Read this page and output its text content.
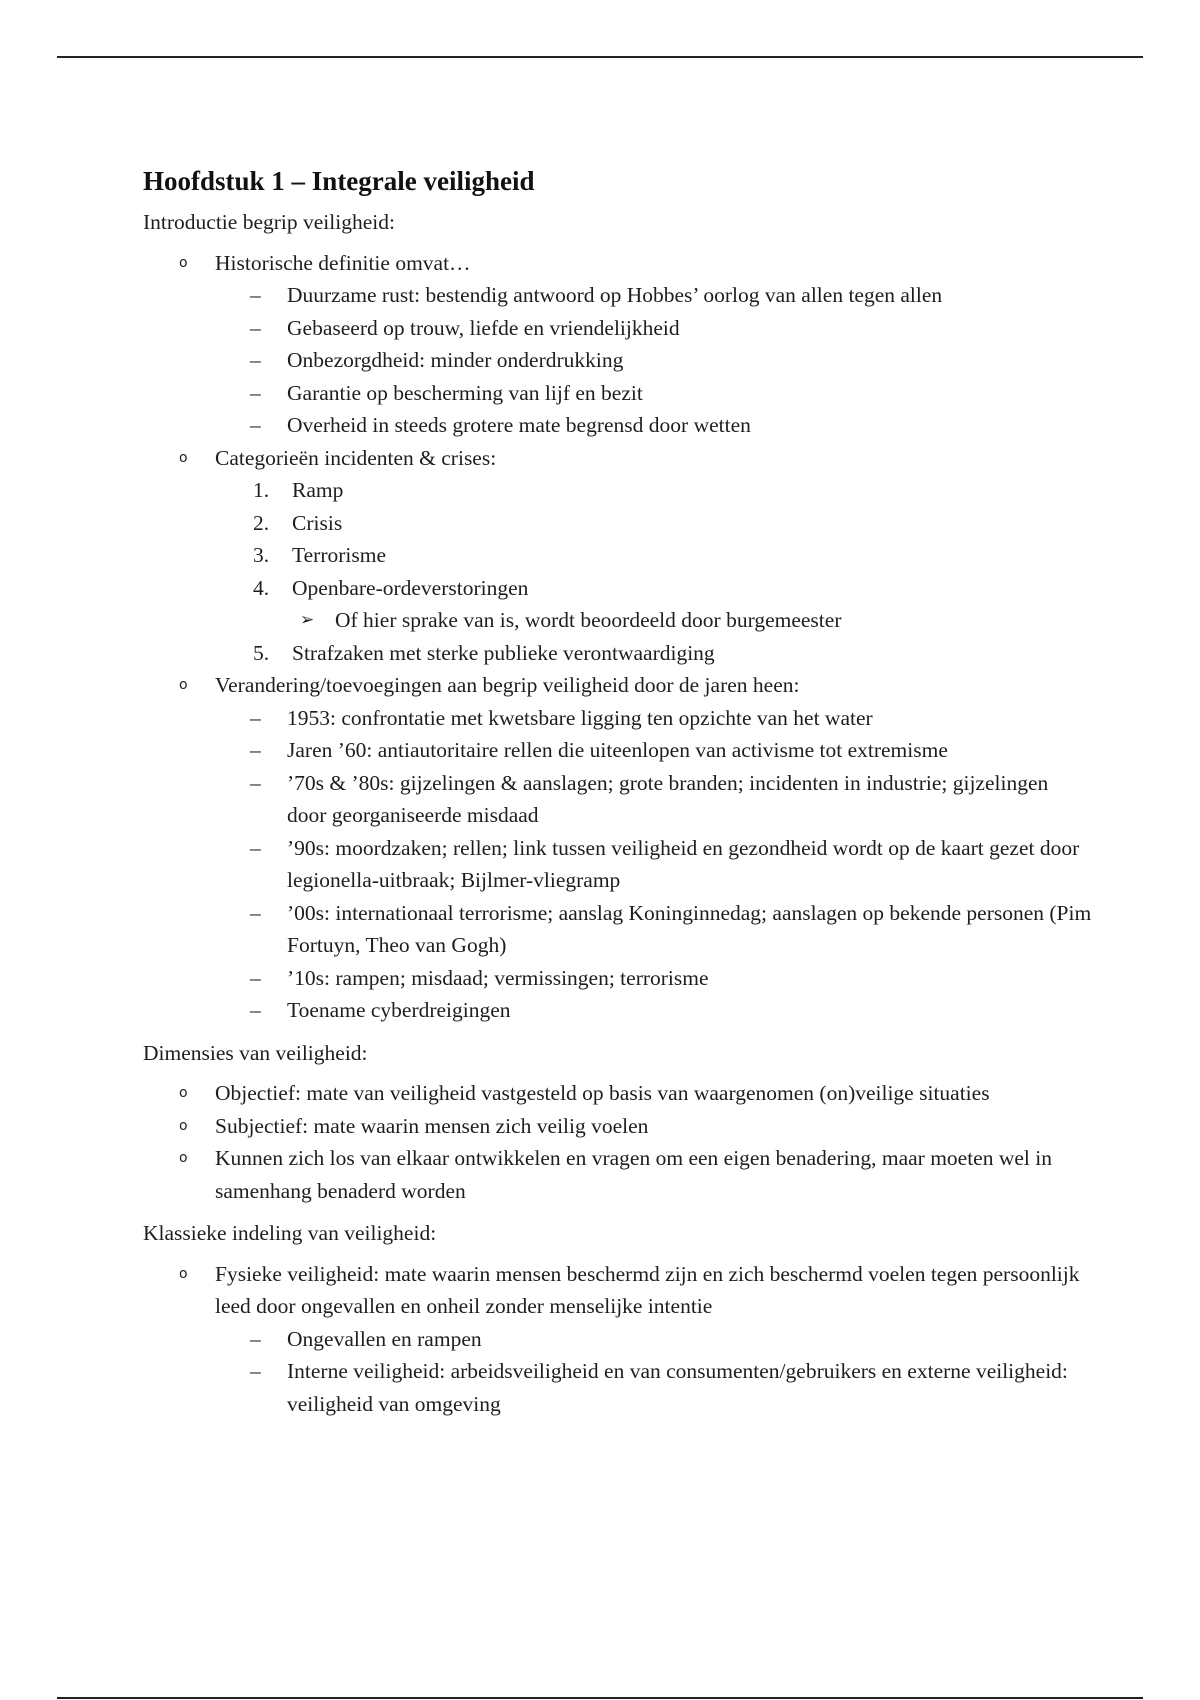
Hoofdstuk 1 – Integrale veiligheid

Introductie begrip veiligheid:

o Historische definitie omvat…
– Duurzame rust: bestendig antwoord op Hobbes’ oorlog van allen tegen allen
– Gebaseerd op trouw, liefde en vriendelijkheid
– Onbezorgdheid: minder onderdrukking
– Garantie op bescherming van lijf en bezit
– Overheid in steeds grotere mate begrensd door wetten
o Categorieën incidenten & crises:
1. Ramp
2. Crisis
3. Terrorisme
4. Openbare-ordeverstoringen
➢ Of hier sprake van is, wordt beoordeeld door burgemeester
5. Strafzaken met sterke publieke verontwaardiging
o Verandering/toevoegingen aan begrip veiligheid door de jaren heen:
– 1953: confrontatie met kwetsbare ligging ten opzichte van het water
– Jaren ’60: antiautoritaire rellen die uiteenlopen van activisme tot extremisme
– ’70s & ’80s: gijzelingen & aanslagen; grote branden; incidenten in industrie; gijzelingen door georganiseerde misdaad
– ’90s: moordzaken; rellen; link tussen veiligheid en gezondheid wordt op de kaart gezet door legionella-uitbraak; Bijlmer-vliegramp
– ’00s: internationaal terrorisme; aanslag Koninginnedag; aanslagen op bekende personen (Pim Fortuyn, Theo van Gogh)
– ’10s: rampen; misdaad; vermissingen; terrorisme
– Toename cyberdreigingen

Dimensies van veiligheid:

o Objectief: mate van veiligheid vastgesteld op basis van waargenomen (on)veilige situaties
o Subjectief: mate waarin mensen zich veilig voelen
o Kunnen zich los van elkaar ontwikkelen en vragen om een eigen benadering, maar moeten wel in samenhang benaderd worden

Klassieke indeling van veiligheid:

o Fysieke veiligheid: mate waarin mensen beschermd zijn en zich beschermd voelen tegen persoonlijk leed door ongevallen en onheil zonder menselijke intentie
– Ongevallen en rampen
– Interne veiligheid: arbeidsveiligheid en van consumenten/gebruikers en externe veiligheid: veiligheid van omgeving
